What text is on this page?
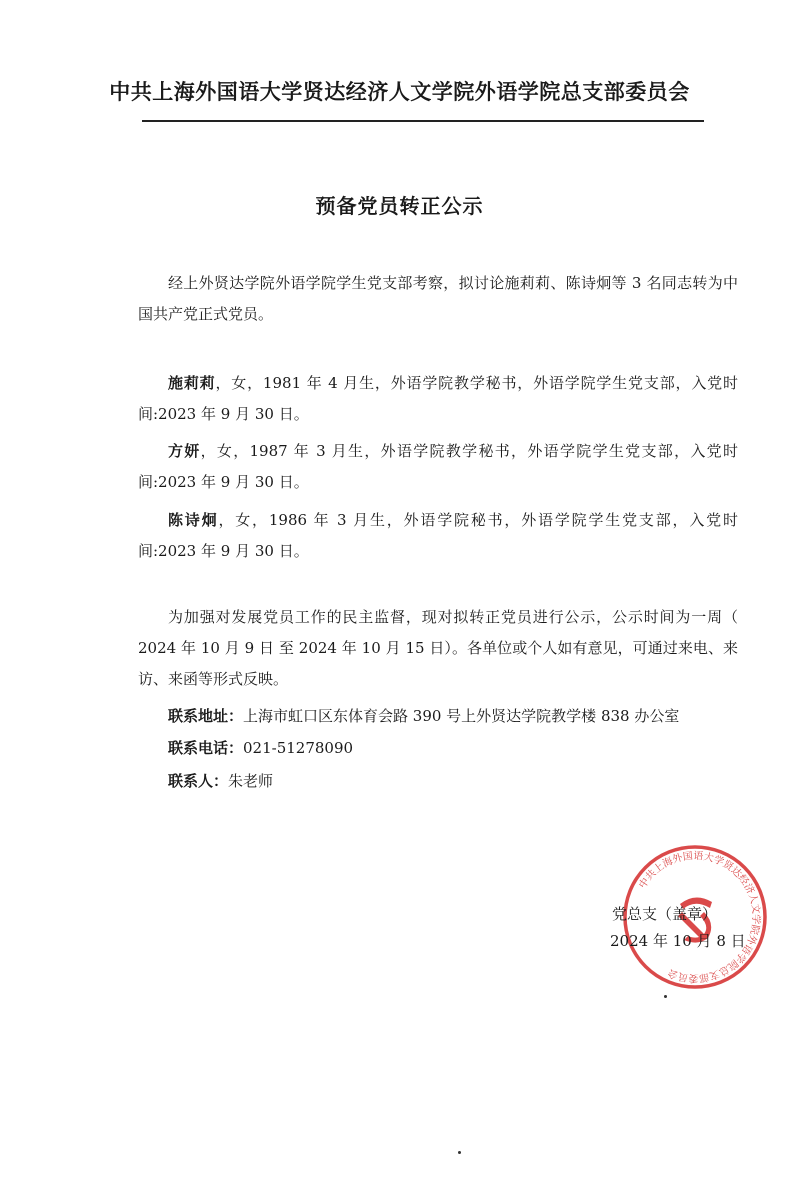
中共上海外国语大学贤达经济人文学院外语学院总支部委员会
预备党员转正公示
经上外贤达学院外语学院学生党支部考察，拟讨论施莉莉、陈诗炯等 3 名同志转为中国共产党正式党员。
施莉莉，女，1981 年 4 月生，外语学院教学秘书，外语学院学生党支部，入党时间:2023 年 9 月 30 日。
方妍，女，1987 年 3 月生，外语学院教学秘书，外语学院学生党支部，入党时间:2023 年 9 月 30 日。
陈诗炯，女，1986 年 3 月生，外语学院秘书，外语学院学生党支部，入党时间:2023 年 9 月 30 日。
为加强对发展党员工作的民主监督，现对拟转正党员进行公示，公示时间为一周（ 2024 年 10 月 9 日 至 2024 年 10 月 15 日）。各单位或个人如有意见，可通过来电、来访、来函等形式反映。
联系地址：上海市虹口区东体育会路 390 号上外贤达学院教学楼 838 办公室
联系电话：021-51278090
联系人：朱老师
中共上海外国语大学贤达经济人文学院外语学院总支部委员会
党总支（盖章）
2024 年 10 月 8 日
